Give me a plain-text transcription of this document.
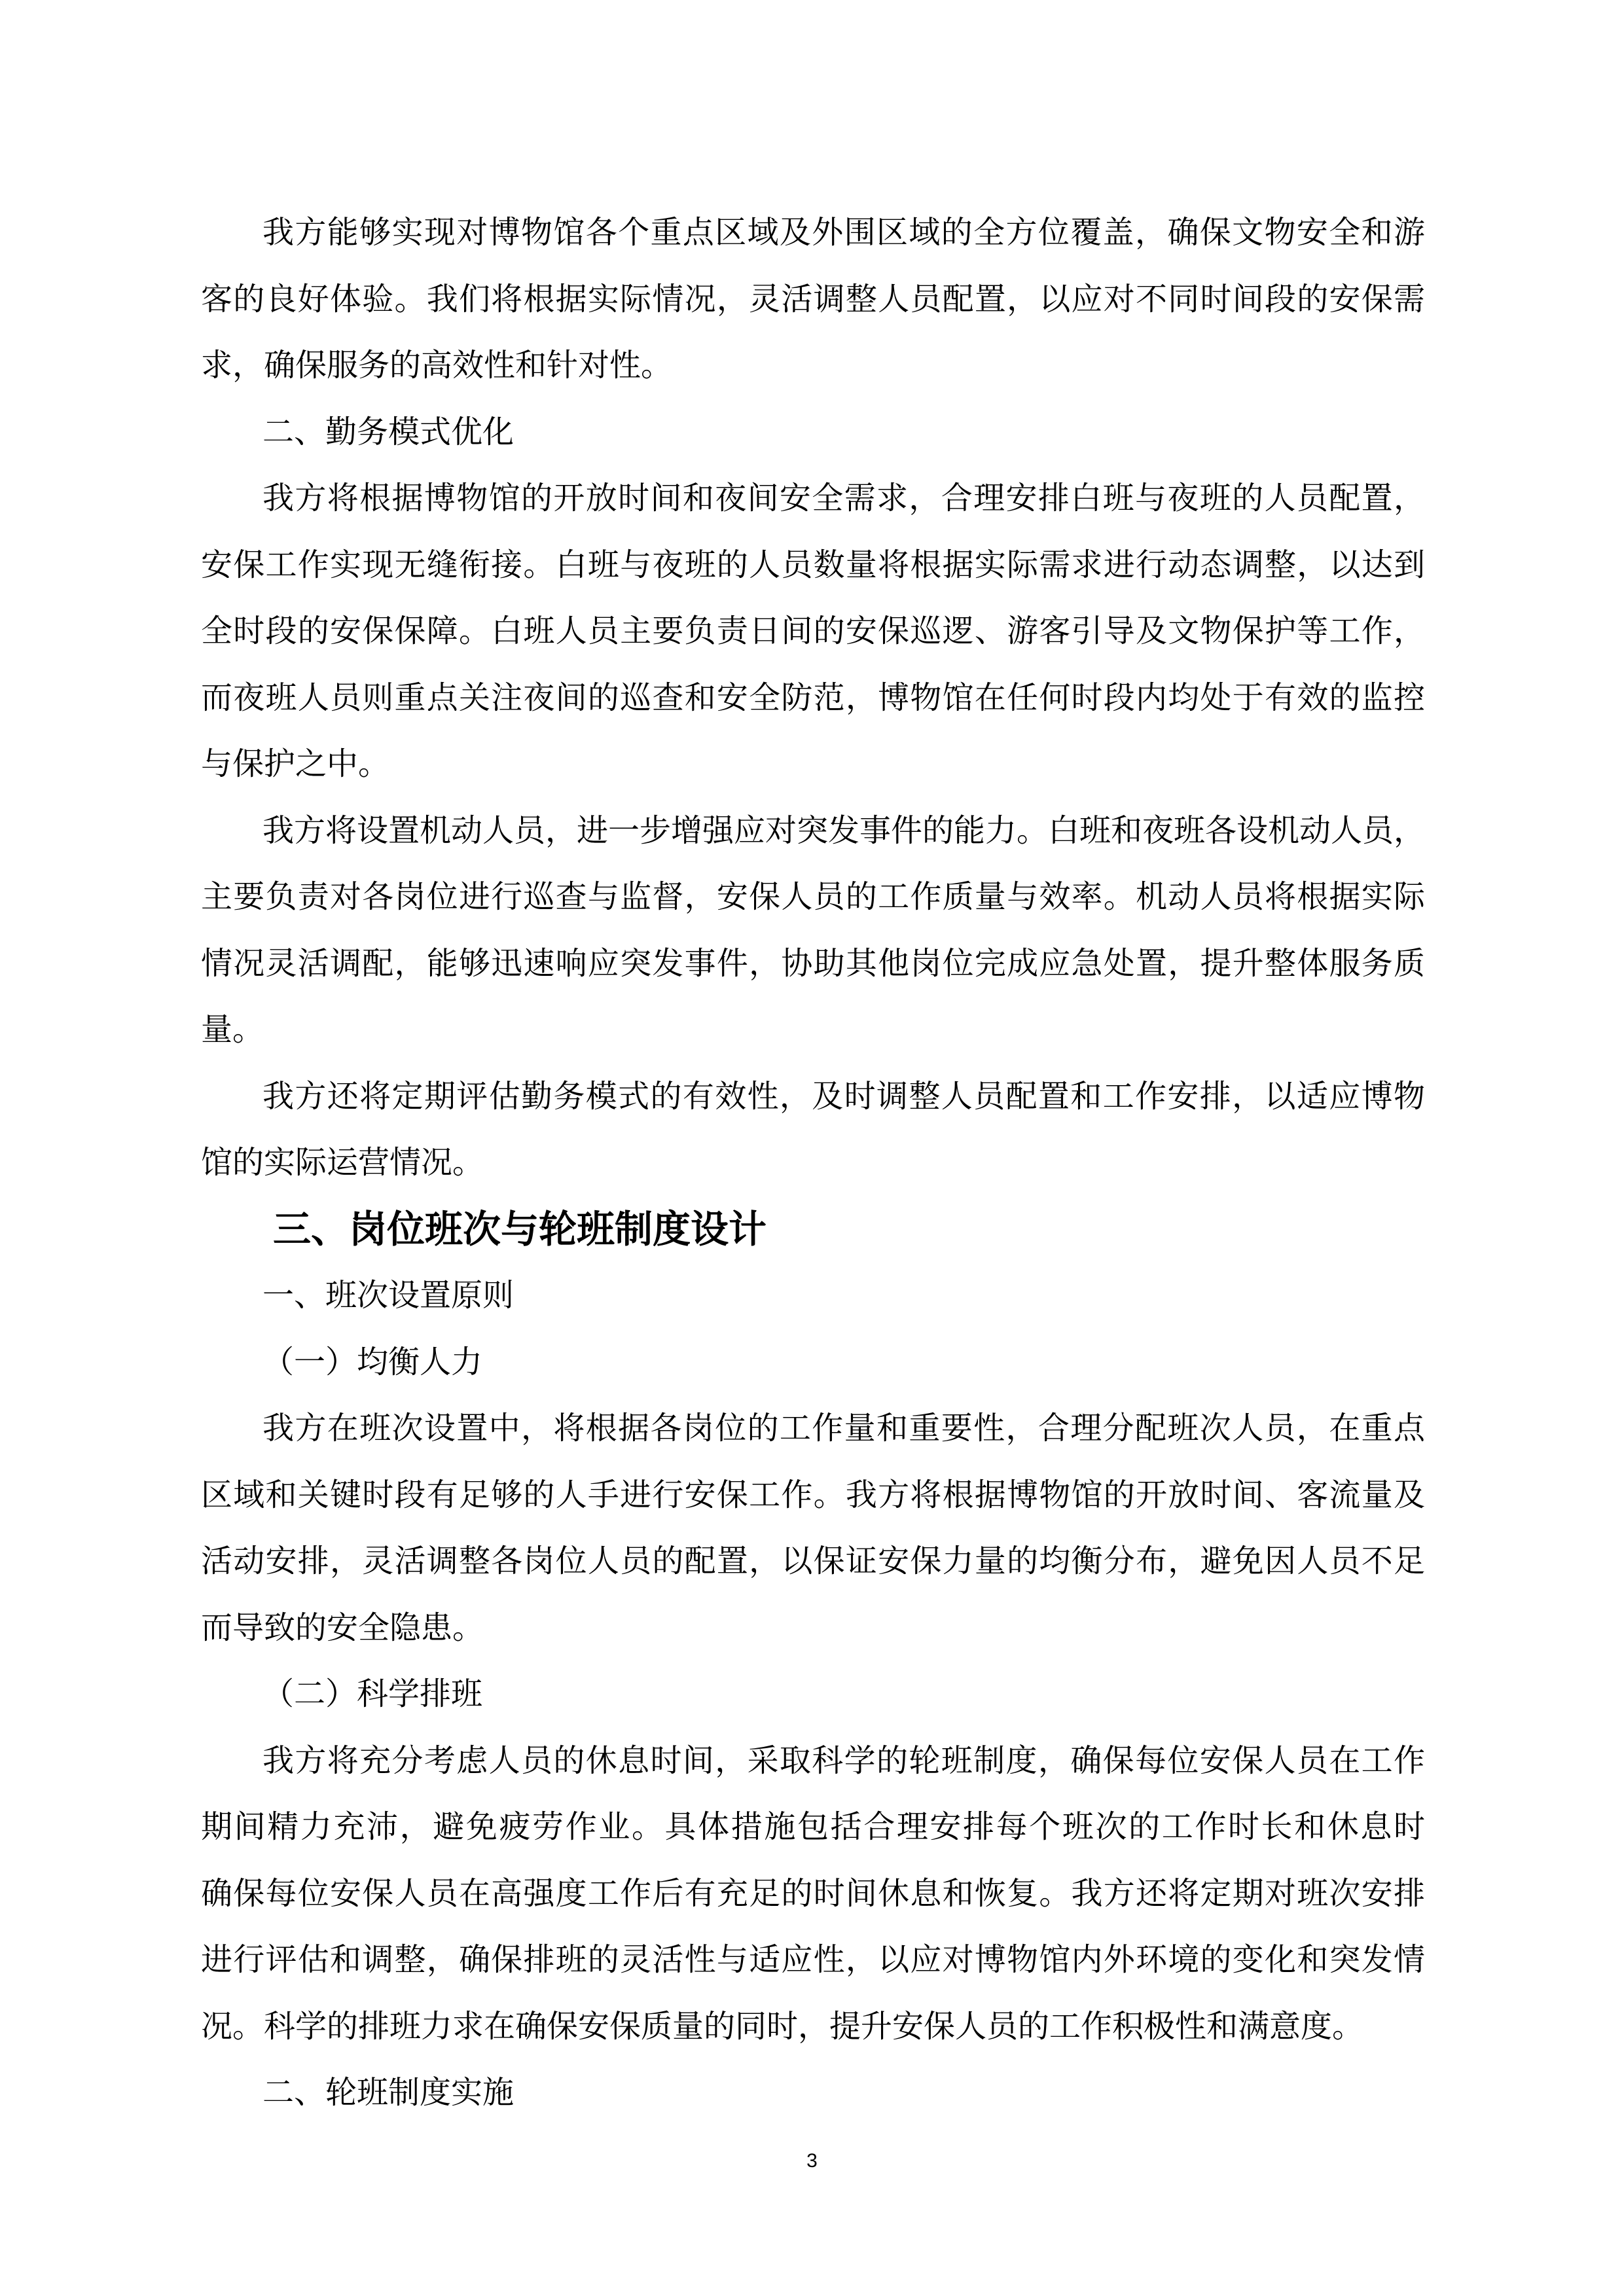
我方能够实现对博物馆各个重点区域及外围区域的全方位覆盖，确保文物安全和游
客的良好体验。我们将根据实际情况，灵活调整人员配置，以应对不同时间段的安保需
求，确保服务的高效性和针对性。
二、勤务模式优化
我方将根据博物馆的开放时间和夜间安全需求，合理安排白班与夜班的人员配置，
安保工作实现无缝衔接。白班与夜班的人员数量将根据实际需求进行动态调整，以达到
全时段的安保保障。白班人员主要负责日间的安保巡逻、游客引导及文物保护等工作，
而夜班人员则重点关注夜间的巡查和安全防范，博物馆在任何时段内均处于有效的监控
与保护之中。
我方将设置机动人员，进一步增强应对突发事件的能力。白班和夜班各设机动人员，
主要负责对各岗位进行巡查与监督，安保人员的工作质量与效率。机动人员将根据实际
情况灵活调配，能够迅速响应突发事件，协助其他岗位完成应急处置，提升整体服务质
量。
我方还将定期评估勤务模式的有效性，及时调整人员配置和工作安排，以适应博物
馆的实际运营情况。
三、岗位班次与轮班制度设计
一、班次设置原则
（一）均衡人力
我方在班次设置中，将根据各岗位的工作量和重要性，合理分配班次人员，在重点
区域和关键时段有足够的人手进行安保工作。我方将根据博物馆的开放时间、客流量及
活动安排，灵活调整各岗位人员的配置，以保证安保力量的均衡分布，避免因人员不足
而导致的安全隐患。
（二）科学排班
我方将充分考虑人员的休息时间，采取科学的轮班制度，确保每位安保人员在工作
期间精力充沛，避免疲劳作业。具体措施包括合理安排每个班次的工作时长和休息时
确保每位安保人员在高强度工作后有充足的时间休息和恢复。我方还将定期对班次安排
进行评估和调整，确保排班的灵活性与适应性，以应对博物馆内外环境的变化和突发情
况。科学的排班力求在确保安保质量的同时，提升安保人员的工作积极性和满意度。
二、轮班制度实施
3
